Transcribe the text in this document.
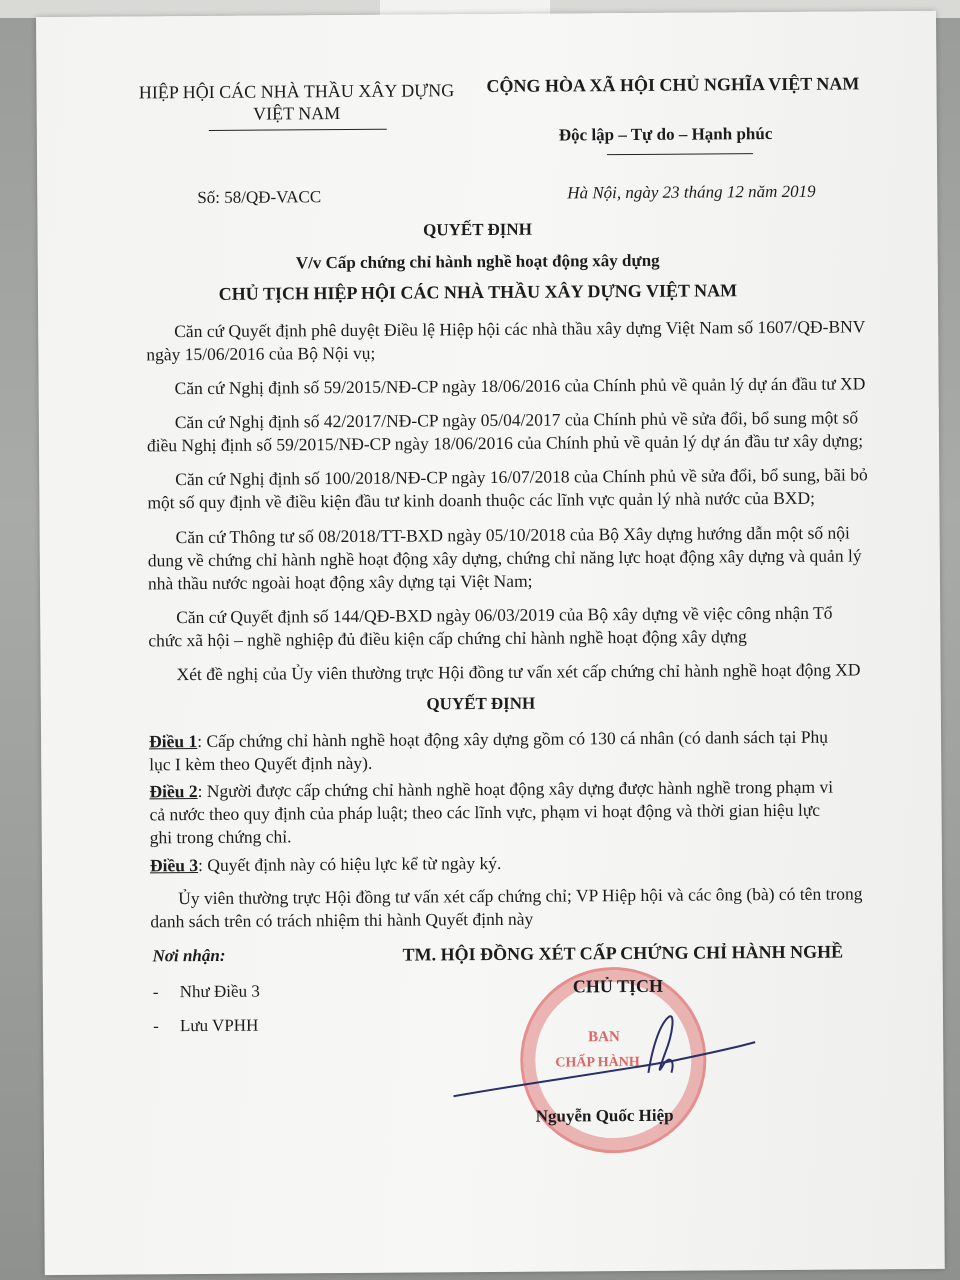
HIỆP HỘI CÁC NHÀ THẦU XÂY DỰNG
VIỆT NAM
CỘNG HÒA XÃ HỘI CHỦ NGHĨA VIỆT NAM
Độc lập – Tự do – Hạnh phúc
Số: 58/QĐ-VACC	Hà Nội, ngày 23 tháng 12 năm 2019
QUYẾT ĐỊNH
V/v Cấp chứng chỉ hành nghề hoạt động xây dựng
CHỦ TỊCH HIỆP HỘI CÁC NHÀ THẦU XÂY DỰNG VIỆT NAM
Căn cứ Quyết định phê duyệt Điều lệ Hiệp hội các nhà thầu xây dựng Việt Nam số 1607/QĐ-BNV
ngày 15/06/2016 của Bộ Nội vụ;
Căn cứ Nghị định số 59/2015/NĐ-CP ngày 18/06/2016 của Chính phủ về quản lý dự án đầu tư XD
Căn cứ Nghị định số 42/2017/NĐ-CP ngày 05/04/2017 của Chính phủ về sửa đổi, bổ sung một số
điều Nghị định số 59/2015/NĐ-CP ngày 18/06/2016 của Chính phủ về quản lý dự án đầu tư xây dựng;
Căn cứ Nghị định số 100/2018/NĐ-CP ngày 16/07/2018 của Chính phủ về sửa đổi, bổ sung, bãi bỏ
một số quy định về điều kiện đầu tư kinh doanh thuộc các lĩnh vực quản lý nhà nước của BXD;
Căn cứ Thông tư số 08/2018/TT-BXD ngày 05/10/2018 của Bộ Xây dựng hướng dẫn một số nội
dung về chứng chỉ hành nghề hoạt động xây dựng, chứng chỉ năng lực hoạt động xây dựng và quản lý
nhà thầu nước ngoài hoạt động xây dựng tại Việt Nam;
Căn cứ Quyết định số 144/QĐ-BXD ngày 06/03/2019 của Bộ xây dựng về việc công nhận Tổ
chức xã hội – nghề nghiệp đủ điều kiện cấp chứng chỉ hành nghề hoạt động xây dựng
Xét đề nghị của Ủy viên thường trực Hội đồng tư vấn xét cấp chứng chỉ hành nghề hoạt động XD
QUYẾT ĐỊNH
Điều 1: Cấp chứng chỉ hành nghề hoạt động xây dựng gồm có 130 cá nhân (có danh sách tại Phụ
lục I kèm theo Quyết định này).
Điều 2: Người được cấp chứng chỉ hành nghề hoạt động xây dựng được hành nghề trong phạm vi
cả nước theo quy định của pháp luật; theo các lĩnh vực, phạm vi hoạt động và thời gian hiệu lực
ghi trong chứng chỉ.
Điều 3: Quyết định này có hiệu lực kể từ ngày ký.
Ủy viên thường trực Hội đồng tư vấn xét cấp chứng chỉ; VP Hiệp hội và các ông (bà) có tên trong
danh sách trên có trách nhiệm thi hành Quyết định này
Nơi nhận:
-     Như Điều 3
-     Lưu VPHH
TM. HỘI ĐỒNG XÉT CẤP CHỨNG CHỈ HÀNH NGHỀ
BAN
CHẤP HÀNH
CHỦ TỊCH
Nguyễn Quốc Hiệp
